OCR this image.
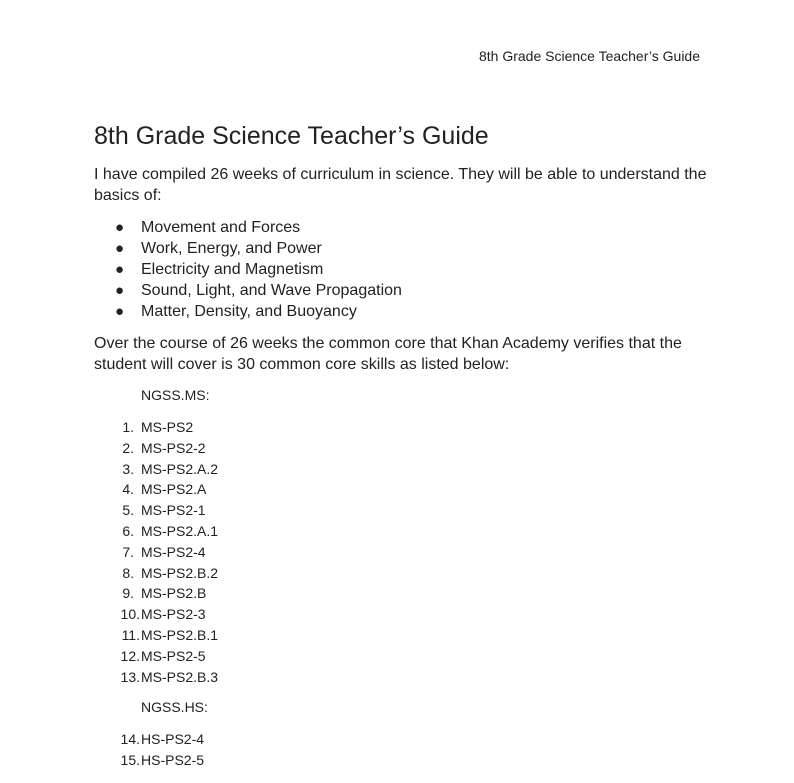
8th Grade Science Teacher’s Guide
8th Grade Science Teacher’s Guide

I have compiled 26 weeks of curriculum in science. They will be able to understand the basics of:

● Movement and Forces
● Work, Energy, and Power
● Electricity and Magnetism
● Sound, Light, and Wave Propagation
● Matter, Density, and Buoyancy

Over the course of 26 weeks the common core that Khan Academy verifies that the student will cover is 30 common core skills as listed below:

NGSS.MS:
1. MS-PS2
2. MS-PS2-2
3. MS-PS2.A.2
4. MS-PS2.A
5. MS-PS2-1
6. MS-PS2.A.1
7. MS-PS2-4
8. MS-PS2.B.2
9. MS-PS2.B
10. MS-PS2-3
11. MS-PS2.B.1
12. MS-PS2-5
13. MS-PS2.B.3
NGSS.HS:
14. HS-PS2-4
15. HS-PS2-5
